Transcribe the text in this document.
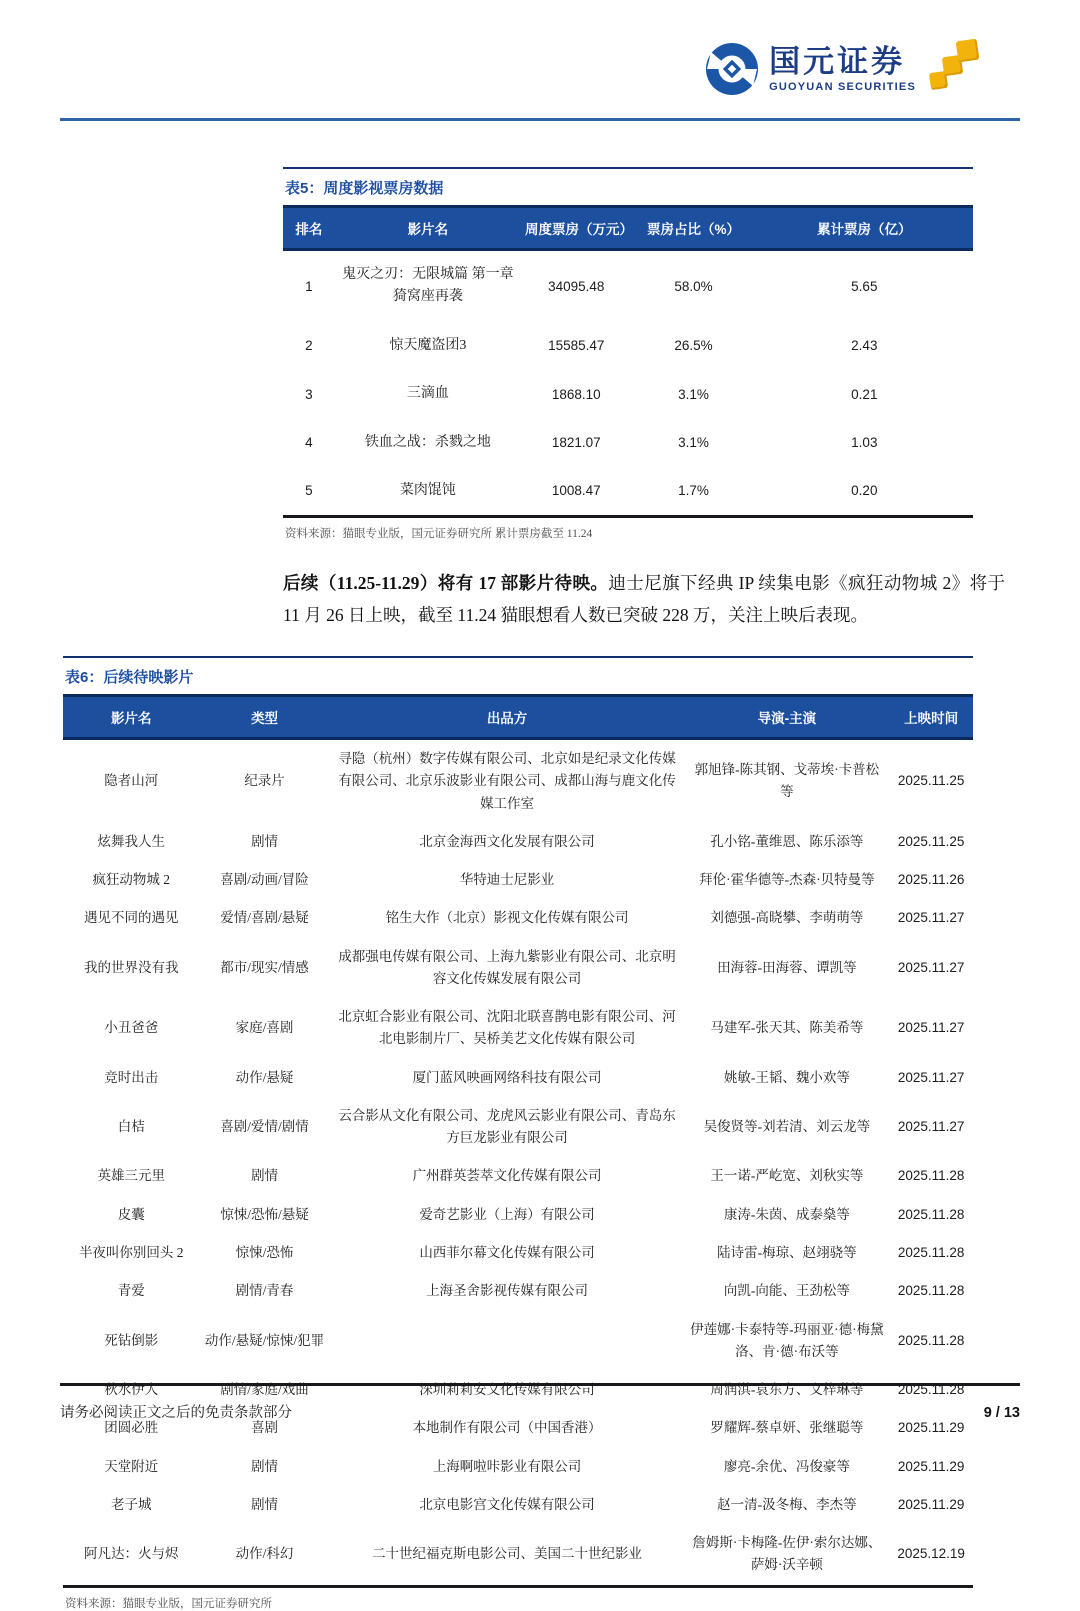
国元证券
GUOYUAN SECURITIES
表5：周度影视票房数据
排名	影片名	周度票房（万元）	票房占比（%）	累计票房（亿）
1	鬼灭之刃：无限城篇 第一章 猗窝座再袭	34095.48	58.0%	5.65
2	惊天魔盗团3	15585.47	26.5%	2.43
3	三滴血	1868.10	3.1%	0.21
4	铁血之战：杀戮之地	1821.07	3.1%	1.03
5	菜肉馄饨	1008.47	1.7%	0.20
资料来源：猫眼专业版，国元证券研究所 累计票房截至 11.24

后续（11.25-11.29）将有 17 部影片待映。迪士尼旗下经典 IP 续集电影《疯狂动物城 2》将于 11 月 26 日上映，截至 11.24 猫眼想看人数已突破 228 万，关注上映后表现。

表6：后续待映影片
影片名	类型	出品方	导演-主演	上映时间
隐者山河	纪录片	寻隐（杭州）数字传媒有限公司、北京如是纪录文化传媒有限公司、北京乐波影业有限公司、成都山海与鹿文化传媒工作室	郭旭锋-陈其钢、戈蒂埃·卡普松等	2025.11.25
炫舞我人生	剧情	北京金海西文化发展有限公司	孔小铭-董维恩、陈乐添等	2025.11.25
疯狂动物城 2	喜剧/动画/冒险	华特迪士尼影业	拜伦·霍华德等-杰森·贝特曼等	2025.11.26
遇见不同的遇见	爱情/喜剧/悬疑	铭生大作（北京）影视文化传媒有限公司	刘德强-高晓攀、李萌萌等	2025.11.27
我的世界没有我	都市/现实/情感	成都强电传媒有限公司、上海九紫影业有限公司、北京明容文化传媒发展有限公司	田海蓉-田海蓉、谭凯等	2025.11.27
小丑爸爸	家庭/喜剧	北京虹合影业有限公司、沈阳北联喜鹊电影有限公司、河北电影制片厂、吴桥美艺文化传媒有限公司	马建军-张天其、陈美希等	2025.11.27
竞时出击	动作/悬疑	厦门蓝风映画网络科技有限公司	姚敏-王韬、魏小欢等	2025.11.27
白桔	喜剧/爱情/剧情	云合影从文化有限公司、龙虎风云影业有限公司、青岛东方巨龙影业有限公司	吴俊贤等-刘若清、刘云龙等	2025.11.27
英雄三元里	剧情	广州群英荟萃文化传媒有限公司	王一诺-严屹宽、刘秋实等	2025.11.28
皮囊	惊悚/恐怖/悬疑	爱奇艺影业（上海）有限公司	康涛-朱茵、成泰燊等	2025.11.28
半夜叫你别回头 2	惊悚/恐怖	山西菲尔幕文化传媒有限公司	陆诗雷-梅琼、赵翊骁等	2025.11.28
青爱	剧情/青春	上海圣舍影视传媒有限公司	向凯-向能、王劲松等	2025.11.28
死钻倒影	动作/悬疑/惊悚/犯罪		伊莲娜·卡泰特等-玛丽亚·德·梅黛洛、肯·德·布沃等	2025.11.28
秋水伊人	剧情/家庭/戏曲	深圳莉莉安文化传媒有限公司	周润淇-袁东方、文梓琳等	2025.11.28
团圆必胜	喜剧	本地制作有限公司（中国香港）	罗耀辉-蔡卓妍、张继聪等	2025.11.29
天堂附近	剧情	上海啊啦咔影业有限公司	廖亮-余优、冯俊豪等	2025.11.29
老子城	剧情	北京电影宫文化传媒有限公司	赵一清-汲冬梅、李杰等	2025.11.29
阿凡达：火与烬	动作/科幻	二十世纪福克斯电影公司、美国二十世纪影业	詹姆斯·卡梅隆-佐伊·索尔达娜、萨姆·沃辛顿	2025.12.19
资料来源：猫眼专业版，国元证券研究所
请务必阅读正文之后的免责条款部分	9 / 13
